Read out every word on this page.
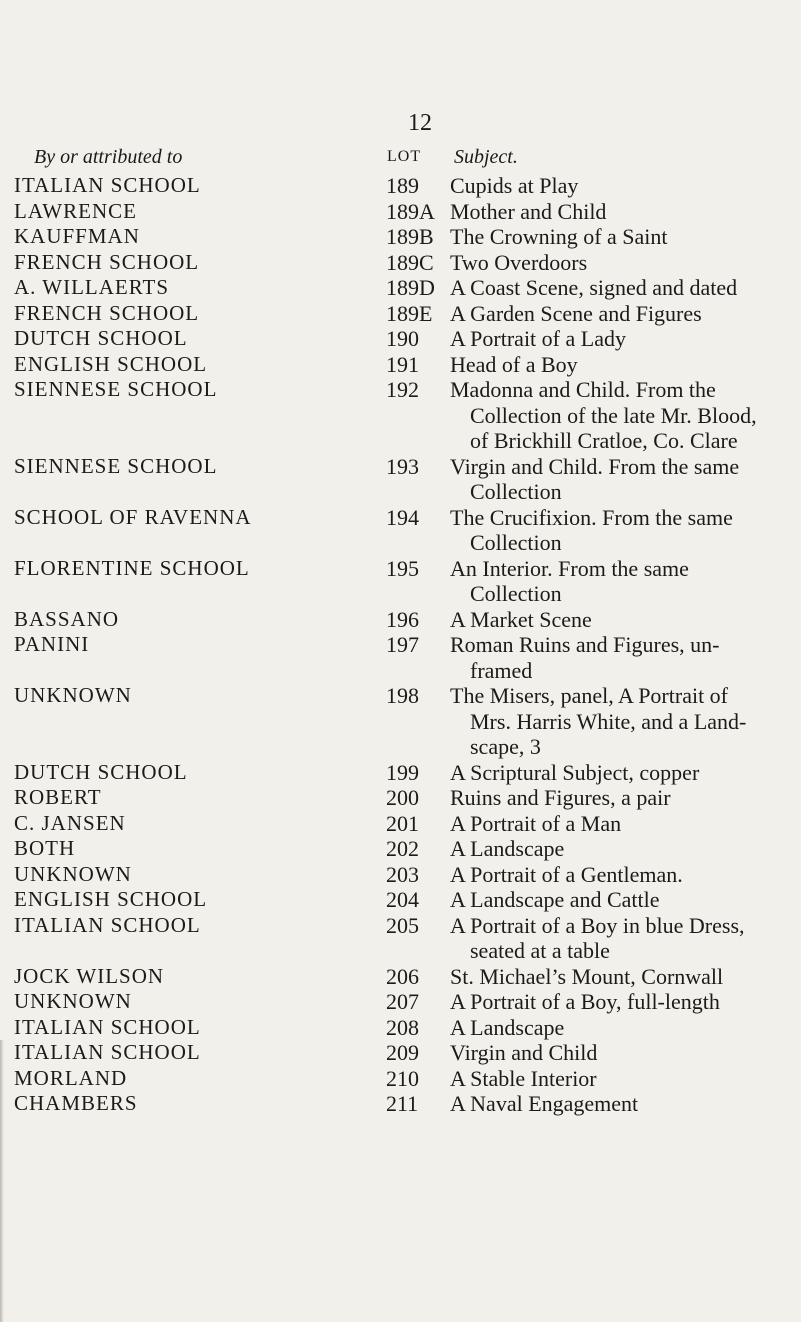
12
By or attributed to	LOT Subject.
ITALIAN SCHOOL	189	Cupids at Play
LAWRENCE	189A Mother and Child
KAUFFMAN	189B The Crowning of a Saint
FRENCH SCHOOL	189C Two Overdoors
A. WILLAERTS	189D A Coast Scene, signed and dated
FRENCH SCHOOL	189E A Garden Scene and Figures
DUTCH SCHOOL	190	A Portrait of a Lady
ENGLISH SCHOOL	191	Head of a Boy
SIENNESE SCHOOL	192	Madonna and Child. From the
Collection of the late Mr. Blood,
of Brickhill Cratloe, Co. Clare
SIENNESE SCHOOL	193	Virgin and Child. From the same
Collection
SCHOOL OF RAVENNA	194	The Crucifixion. From the same
Collection
FLORENTINE SCHOOL	195	An Interior. From the same
Collection
BASSANO	196	A Market Scene
PANINI	197	Roman Ruins and Figures, un-
framed
UNKNOWN	198	The Misers, panel, A Portrait of
Mrs. Harris White, and a Land-
scape, 3
DUTCH SCHOOL	199	A Scriptural Subject, copper
ROBERT	200	Ruins and Figures, a pair
C. JANSEN	201	A Portrait of a Man
BOTH	202	A Landscape
UNKNOWN	203	A Portrait of a Gentleman.
ENGLISH SCHOOL	204	A Landscape and Cattle
ITALIAN SCHOOL	205	A Portrait of a Boy in blue Dress,
seated at a table
JOCK WILSON	206	St. Michael’s Mount, Cornwall
UNKNOWN	207	A Portrait of a Boy, full-length
ITALIAN SCHOOL	208	A Landscape
ITALIAN SCHOOL	209	Virgin and Child
MORLAND	210	A Stable Interior
CHAMBERS	211	A Naval Engagement
